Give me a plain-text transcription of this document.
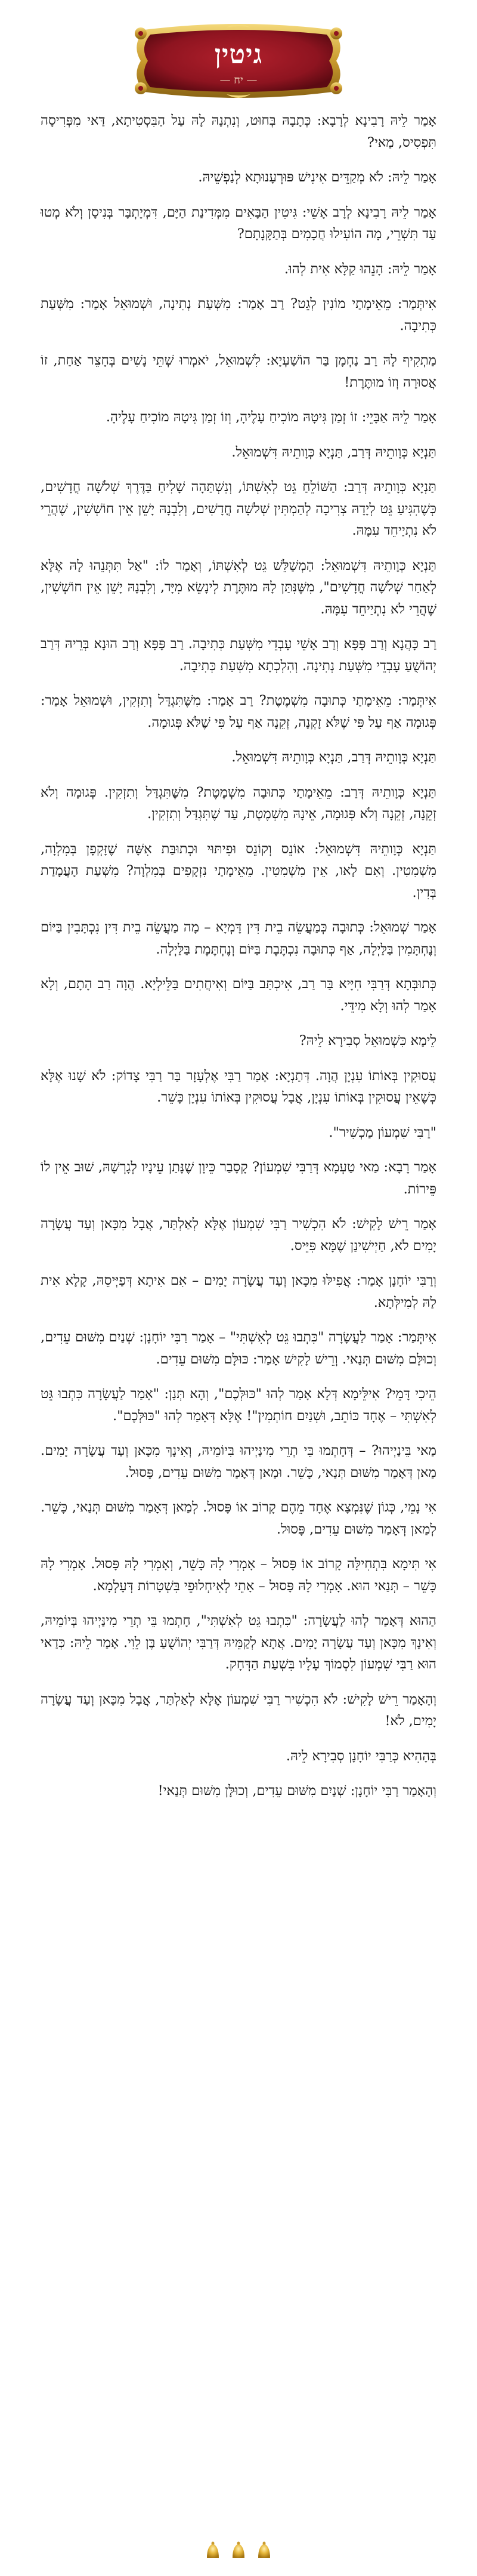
גיטין
— יח —

אָמַר לֵיהּ רָבִינָא לְרָבָא: כְּתָבָהּ בְּחוּט, וְנִתְנָהּ לָהּ עַל הַבִּסְטִיתָא, דַּאי מִפְּרִיסָה תִּפְסִיס, מַאי?

אָמַר לֵיהּ: לֹא מְקַדֵּים אִינִישׁ פּוּרְעָנוּתָא לְנַפְשֵׁיהּ.

אָמַר לֵיהּ רָבִינָא לְרָב אָשֵׁי: גִּיטִין הַבָּאִים מִמְּדִינַת הַיָּם, דִּמְיָתְבָּר בְּנִיסָן וְלֹא מְטוּ עַד תִּשְׁרֵי, מָה הוֹעִילוּ חֲכָמִים בְּתַקָּנָתָם?

אָמַר לֵיהּ: הָנֵהוּ קַלָּא אִית לְהוּ.

אִיתְּמַר: מֵאֵימָתַי מוֹנִין לְגֵט? רַב אָמַר: מִשְּׁעַת נְתִינָה, וּשְׁמוּאֵל אָמַר: מִשְּׁעַת כְּתִיבָה.

מַתְקִיף לָהּ רַב נַחְמָן בַּר הוֹשַׁעְיָא: לִשְׁמוּאֵל, יֹאמְרוּ שְׁתֵּי נָשִׁים בְּחָצֵר אַחַת, זוֹ אֲסוּרָה וְזוֹ מוּתֶּרֶת!

אָמַר לֵיהּ אַבָּיֵי: זוֹ זְמַן גִּיטָהּ מוֹכִיחַ עָלֶיהָ, וְזוֹ זְמַן גִּיטָהּ מוֹכִיחַ עָלֶיהָ.

תַּנְיָא כְּוָותֵיהּ דְּרַב, תַּנְיָא כְּוָותֵיהּ דִּשְׁמוּאֵל.

תַּנְיָא כְּוָותֵיהּ דְּרַב: הַשּׁוֹלֵחַ גֵּט לְאִשְׁתּוֹ, וְנִשְׁתַּהָה שָׁלִיחַ בַּדֶּרֶךְ שְׁלֹשָׁה חֳדָשִׁים, כְּשֶׁהִגִּיעַ גֵּט לְיָדָהּ צְרִיכָה לְהַמְתִּין שְׁלֹשָׁה חֳדָשִׁים, וְלִבְנָהּ יָשֵׁן אֵין חוֹשְׁשִׁין, שֶׁהֲרֵי לֹא נִתְיַיחֵד עִמָּהּ.

תַּנְיָא כְּוָותֵיהּ דִּשְׁמוּאֵל: הַמְשַׁלֵּשׁ גֵּט לְאִשְׁתּוֹ, וְאָמַר לוֹ: "אַל תִּתְּנֵהוּ לָהּ אֶלָּא לְאַחַר שְׁלֹשָׁה חֳדָשִׁים", מִשֶּׁנִּתַּן לָהּ מוּתֶּרֶת לְינָשֵׂא מִיָּד, וְלִבְנָהּ יָשֵׁן אֵין חוֹשְׁשִׁין, שֶׁהֲרֵי לֹא נִתְיַיחֵד עִמָּהּ.

רַב כָּהֲנָא וְרַב פָּפָּא וְרַב אָשֵׁי עָבְדֵי מִשְּׁעַת כְּתִיבָה. רַב פָּפָּא וְרַב הוּנָא בְּרֵיהּ דְּרַב יְהוֹשֻׁעַ עָבְדֵי מִשְּׁעַת נְתִינָה. וְהִלְכְתָא מִשְּׁעַת כְּתִיבָה.

אִיתְּמַר: מֵאֵימָתַי כְּתוּבָה מִשְׁמֶטֶת? רַב אָמַר: מִשֶּׁתִּגְדַּל וְתִזְקִין, וּשְׁמוּאֵל אָמַר: פְּגוּמָה אַף עַל פִּי שֶׁלֹּא זָקְנָה, זְקֵנָה אַף עַל פִּי שֶׁלֹּא פְּגוּמָה.

תַּנְיָא כְּוָותֵיהּ דְּרַב, תַּנְיָא כְּוָותֵיהּ דִּשְׁמוּאֵל.

תַּנְיָא כְּוָותֵיהּ דְּרַב: מֵאֵימָתַי כְּתוּבָה מִשְׁמֶטֶת? מִשֶּׁתִּגְדַּל וְתִזְקִין. פְּגוּמָה וְלֹא זְקֵנָה, זְקֵנָה וְלֹא פְּגוּמָה, אֵינָהּ מִשְׁמֶטֶת, עַד שֶׁתִּגְדַּל וְתִזְקִין.

תַּנְיָא כְּוָותֵיהּ דִּשְׁמוּאֵל: אוֹנֵס וְקוֹנֵס וּפִיתּוּי וּכְתוּבַּת אִשָּׁה שֶׁזָּקְפָן בְּמִלְוָה, מִשְׁמִטִין. וְאִם לָאו, אֵין מִשְׁמִטִין. מֵאֵימָתַי נִזְקָפִים בְּמִלְוָה? מִשְּׁעַת הָעֲמָדַת בְּדִין.

אָמַר שְׁמוּאֵל: כְּתוּבָה כְּמַעֲשֵׂה בֵית דִּין דָּמְיָא – מָה מַעֲשֵׂה בֵית דִּין נִכְתָּבִין בַּיּוֹם וְנֶחְתָּמִין בַּלַּיְלָה, אַף כְּתוּבָה נִכְתֶּבֶת בַּיּוֹם וְנֶחְתֶּמֶת בַּלַּיְלָה.

כְּתוּבְּתָא דְּרַבִּי חִיָּיא בַּר רַב, אִיכְתַּב בַּיּוֹם וְאִיחֲתִים בַּלֵּילְיָא. הֲוָה רַב הָתָם, וְלָא אָמַר לְהוּ וְלָא מִידֵּי.

לֵימָא כִּשְׁמוּאֵל סְבִירָא לֵיהּ?

עֲסוּקִין בְּאוֹתוֹ עִנְיָן הֲוָה. דְּתַנְיָא: אָמַר רַבִּי אֶלְעָזָר בַּר רַבִּי צָדוֹק: לֹא שָׁנוּ אֶלָּא כְּשֶׁאֵין עֲסוּקִין בְּאוֹתוֹ עִנְיָן, אֲבָל עֲסוּקִין בְּאוֹתוֹ עִנְיָן כָּשֵׁר.

"רַבִּי שִׁמְעוֹן מַכְשִׁיר".

אָמַר רָבָא: מַאי טַעְמָא דְּרַבִּי שִׁמְעוֹן? קָסָבַר כֵּיוָן שֶׁנָּתַן עֵינָיו לְגָרְשָׁהּ, שׁוּב אֵין לוֹ פֵּירוֹת.

אָמַר רֵישׁ לָקִישׁ: לֹא הִכְשִׁיר רַבִּי שִׁמְעוֹן אֶלָּא לְאַלְתַּר, אֲבָל מִכָּאן וְעַד עֲשָׂרָה יָמִים לֹא, חַיְישִׁינַן שֶׁמָּא פִּיֵּיס.

וְרַבִּי יוֹחָנָן אָמַר: אֲפִילּוּ מִכָּאן וְעַד עֲשָׂרָה יָמִים – אִם אִיתָא דְּפַיְּיסֵהּ, קָלָא אִית לַהּ לְמִילְּתָא.

אִיתְּמַר: אָמַר לַעֲשָׂרָה "כִּתְבוּ גֵּט לְאִשְׁתִּי" – אָמַר רַבִּי יוֹחָנָן: שְׁנַיִם מִשּׁוּם עֵדִים, וְכוּלָּם מִשּׁוּם תְּנַאי. וְרֵישׁ לָקִישׁ אָמַר: כּוּלָּם מִשּׁוּם עֵדִים.

הֵיכִי דָּמֵי? אִילֵּימָא דְּלָא אָמַר לְהוּ "כּוּלְּכֶם", וְהָא תְּנַן: "אָמַר לַעֲשָׂרָה כִּתְבוּ גֵּט לְאִשְׁתִּי – אֶחָד כּוֹתֵב, וּשְׁנַיִם חוֹתְמִין"! אֶלָּא דְּאָמַר לְהוּ "כּוּלְּכֶם".

מַאי בֵּינַיְיהוּ? – דְּחָתְמוּ בֵּי תְרֵי מִינַּיְיהוּ בִּיוֹמֵיהּ, וְאִינָךְ מִכָּאן וְעַד עֲשָׂרָה יָמִים. מַאן דְּאָמַר מִשּׁוּם תְּנַאי, כָּשֵׁר. וּמַאן דְּאָמַר מִשּׁוּם עֵדִים, פָּסוּל.

אִי נָמֵי, כְּגוֹן שֶׁנִּמְצָא אֶחָד מֵהֶם קָרוֹב אוֹ פָּסוּל. לְמַאן דְּאָמַר מִשּׁוּם תְּנַאי, כָּשֵׁר. לְמַאן דְּאָמַר מִשּׁוּם עֵדִים, פָּסוּל.

אִי תִּימָא בִּתְחִילָּה קָרוֹב אוֹ פָּסוּל – אָמְרִי לָהּ כָּשֵׁר, וְאָמְרִי לָהּ פָּסוּל. אָמְרִי לָהּ כָּשֵׁר – תְּנַאי הוּא. אָמְרִי לָהּ פָּסוּל – אָתֵי לְאִיחְלוּפֵי בִּשְׁטָרוֹת דְּעָלְמָא.

הַהוּא דְּאָמַר לְהוּ לַעֲשָׂרָה: "כִּתְבוּ גֵּט לְאִשְׁתִּי", חָתְמוּ בֵּי תְרֵי מִינַּיְיהוּ בְּיוֹמֵיהּ, וְאִינָךְ מִכָּאן וְעַד עֲשָׂרָה יָמִים. אֲתָא לְקַמֵּיהּ דְּרַבִּי יְהוֹשֻׁעַ בֶּן לֵוִי. אָמַר לֵיהּ: כְּדַאי הוּא רַבִּי שִׁמְעוֹן לִסְמוֹךְ עָלָיו בִּשְׁעַת הַדְּחָק.

וְהָאָמַר רֵישׁ לָקִישׁ: לֹא הִכְשִׁיר רַבִּי שִׁמְעוֹן אֶלָּא לְאַלְתַּר, אֲבָל מִכָּאן וְעַד עֲשָׂרָה יָמִים, לֹא!

בְּהָהִיא כְּרַבִּי יוֹחָנָן סְבִירָא לֵיהּ.

וְהָאָמַר רַבִּי יוֹחָנָן: שְׁנַיִם מִשּׁוּם עֵדִים, וְכוּלָּן מִשּׁוּם תְּנַאי!
